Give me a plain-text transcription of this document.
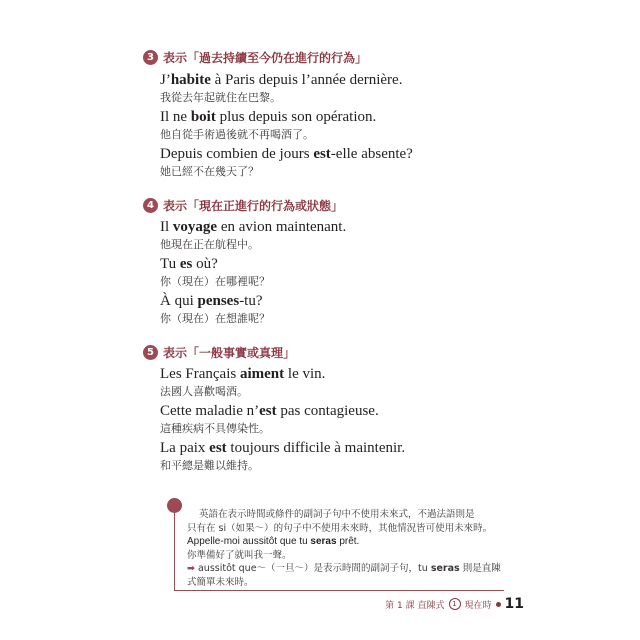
3 表示「過去持續至今仍在進行的行為」
J’habite à Paris depuis l’année dernière.
我從去年起就住在巴黎。
Il ne boit plus depuis son opération.
他自從手術過後就不再喝酒了。
Depuis combien de jours est-elle absente?
她已經不在幾天了？
4 表示「現在正進行的行為或狀態」
Il voyage en avion maintenant.
他現在正在航程中。
Tu es où?
你（現在）在哪裡呢？
À qui penses-tu?
你（現在）在想誰呢？
5 表示「一般事實或真理」
Les Français aiment le vin.
法國人喜歡喝酒。
Cette maladie n’est pas contagieuse.
這種疾病不具傳染性。
La paix est toujours difficile à maintenir.
和平總是難以維持。
英語在表示時間或條件的副詞子句中不使用未來式，不過法語則是
只有在 si（如果～）的句子中不使用未來時，其他情況皆可使用未來時。
Appelle-moi aussitôt que tu seras prêt.
你準備好了就叫我一聲。
➡ aussitôt que～（一旦～）是表示時間的副詞子句，tu seras 則是直陳
式簡單未來時。
第 1 課 直陳式	1 現在時 11
